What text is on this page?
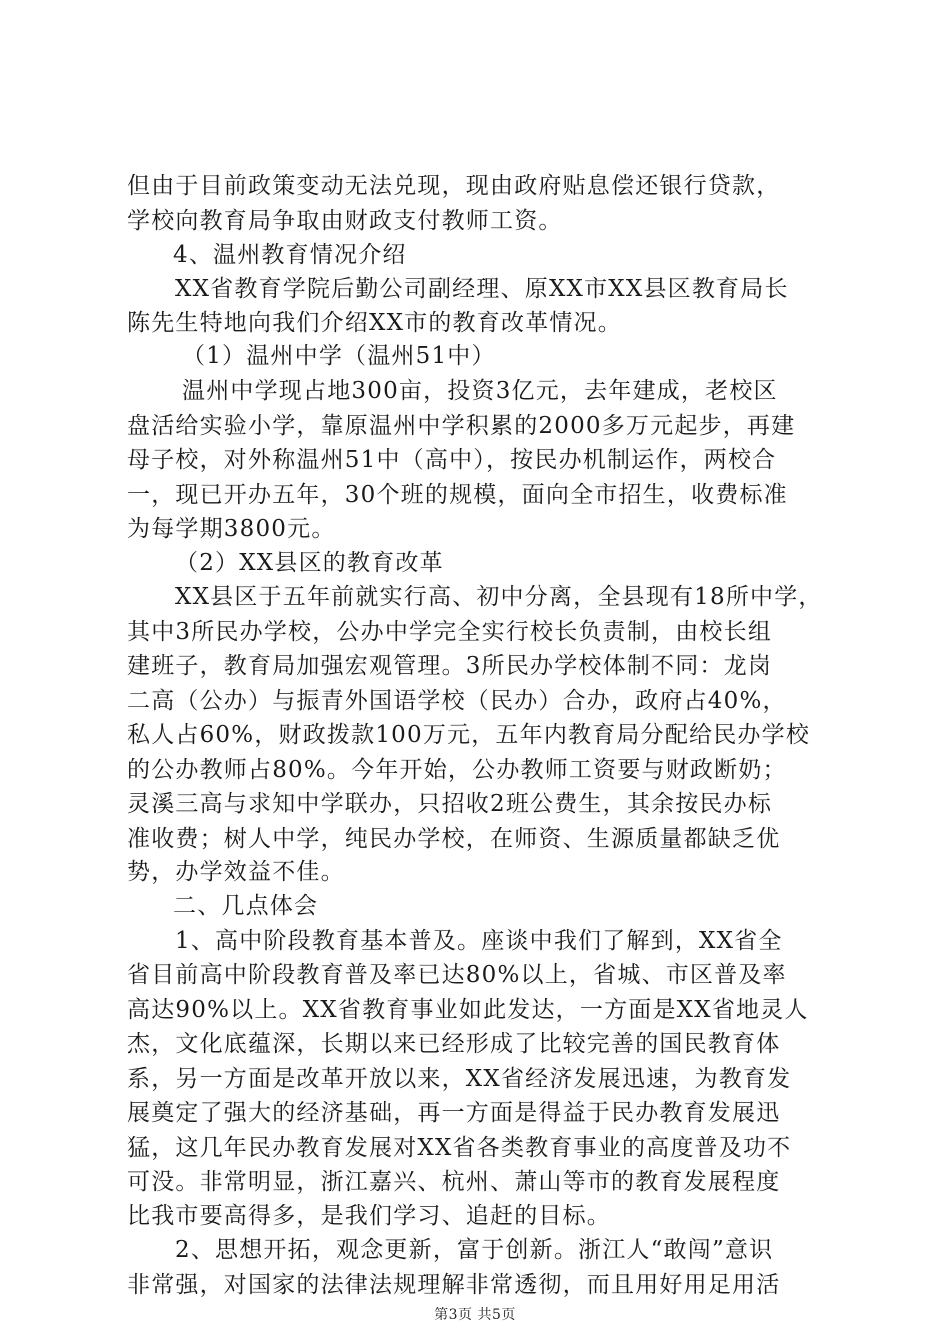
但由于目前政策变动无法兑现，现由政府贴息偿还银行贷款，
学校向教育局争取由财政支付教师工资。
4、温州教育情况介绍
XX省教育学院后勤公司副经理、原XX市XX县区教育局长
陈先生特地向我们介绍XX市的教育改革情况。
（1）温州中学（温州51中）
温州中学现占地300亩，投资3亿元，去年建成，老校区
盘活给实验小学，靠原温州中学积累的2000多万元起步，再建
母子校，对外称温州51中（高中），按民办机制运作，两校合
一，现已开办五年，30个班的规模，面向全市招生，收费标准
为每学期3800元。
（2）XX县区的教育改革
XX县区于五年前就实行高、初中分离，全县现有18所中学，
其中3所民办学校，公办中学完全实行校长负责制，由校长组
建班子，教育局加强宏观管理。3所民办学校体制不同：龙岗
二高（公办）与振青外国语学校（民办）合办，政府占40%，
私人占60%，财政拨款100万元，五年内教育局分配给民办学校
的公办教师占80%。今年开始，公办教师工资要与财政断奶；
灵溪三高与求知中学联办，只招收2班公费生，其余按民办标
准收费；树人中学，纯民办学校，在师资、生源质量都缺乏优
势，办学效益不佳。
二、几点体会
1、高中阶段教育基本普及。座谈中我们了解到，XX省全
省目前高中阶段教育普及率已达80%以上，省城、市区普及率
高达90%以上。XX省教育事业如此发达，一方面是XX省地灵人
杰，文化底蕴深，长期以来已经形成了比较完善的国民教育体
系，另一方面是改革开放以来，XX省经济发展迅速，为教育发
展奠定了强大的经济基础，再一方面是得益于民办教育发展迅
猛，这几年民办教育发展对XX省各类教育事业的高度普及功不
可没。非常明显，浙江嘉兴、杭州、萧山等市的教育发展程度
比我市要高得多，是我们学习、追赶的目标。
2、思想开拓，观念更新，富于创新。浙江人“敢闯”意识
非常强，对国家的法律法规理解非常透彻，而且用好用足用活
第3页 共5页
